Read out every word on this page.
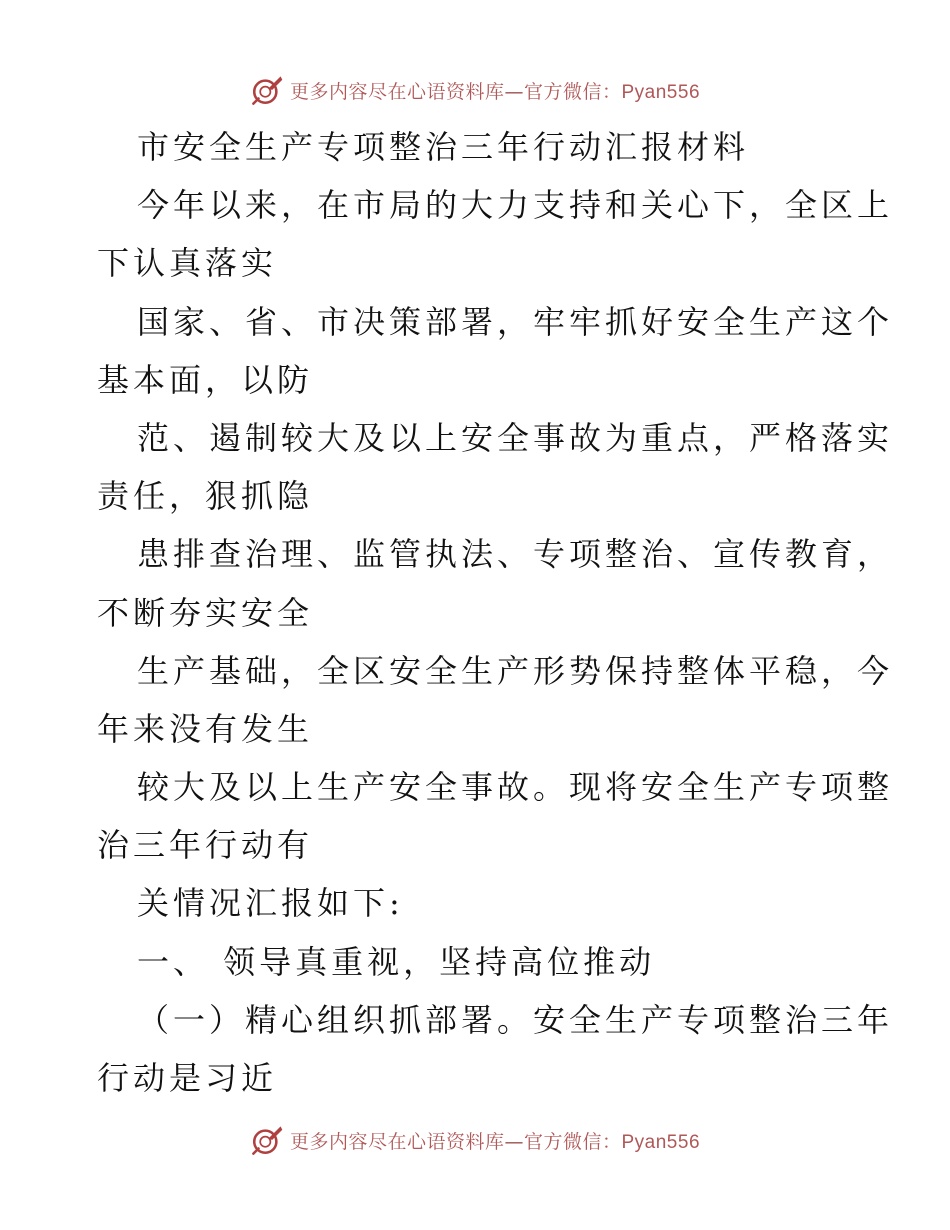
更多内容尽在心语资料库—官方微信：Pyan556
市安全生产专项整治三年行动汇报材料
今年以来，在市局的大力支持和关心下，全区上
下认真落实
国家、省、市决策部署，牢牢抓好安全生产这个
基本面，以防
范、遏制较大及以上安全事故为重点，严格落实
责任，狠抓隐
患排查治理、监管执法、专项整治、宣传教育，
不断夯实安全
生产基础，全区安全生产形势保持整体平稳，今
年来没有发生
较大及以上生产安全事故。现将安全生产专项整
治三年行动有
关情况汇报如下:
一、 领导真重视，坚持高位推动
（一）精心组织抓部署。安全生产专项整治三年
行动是习近
更多内容尽在心语资料库—官方微信：Pyan556
